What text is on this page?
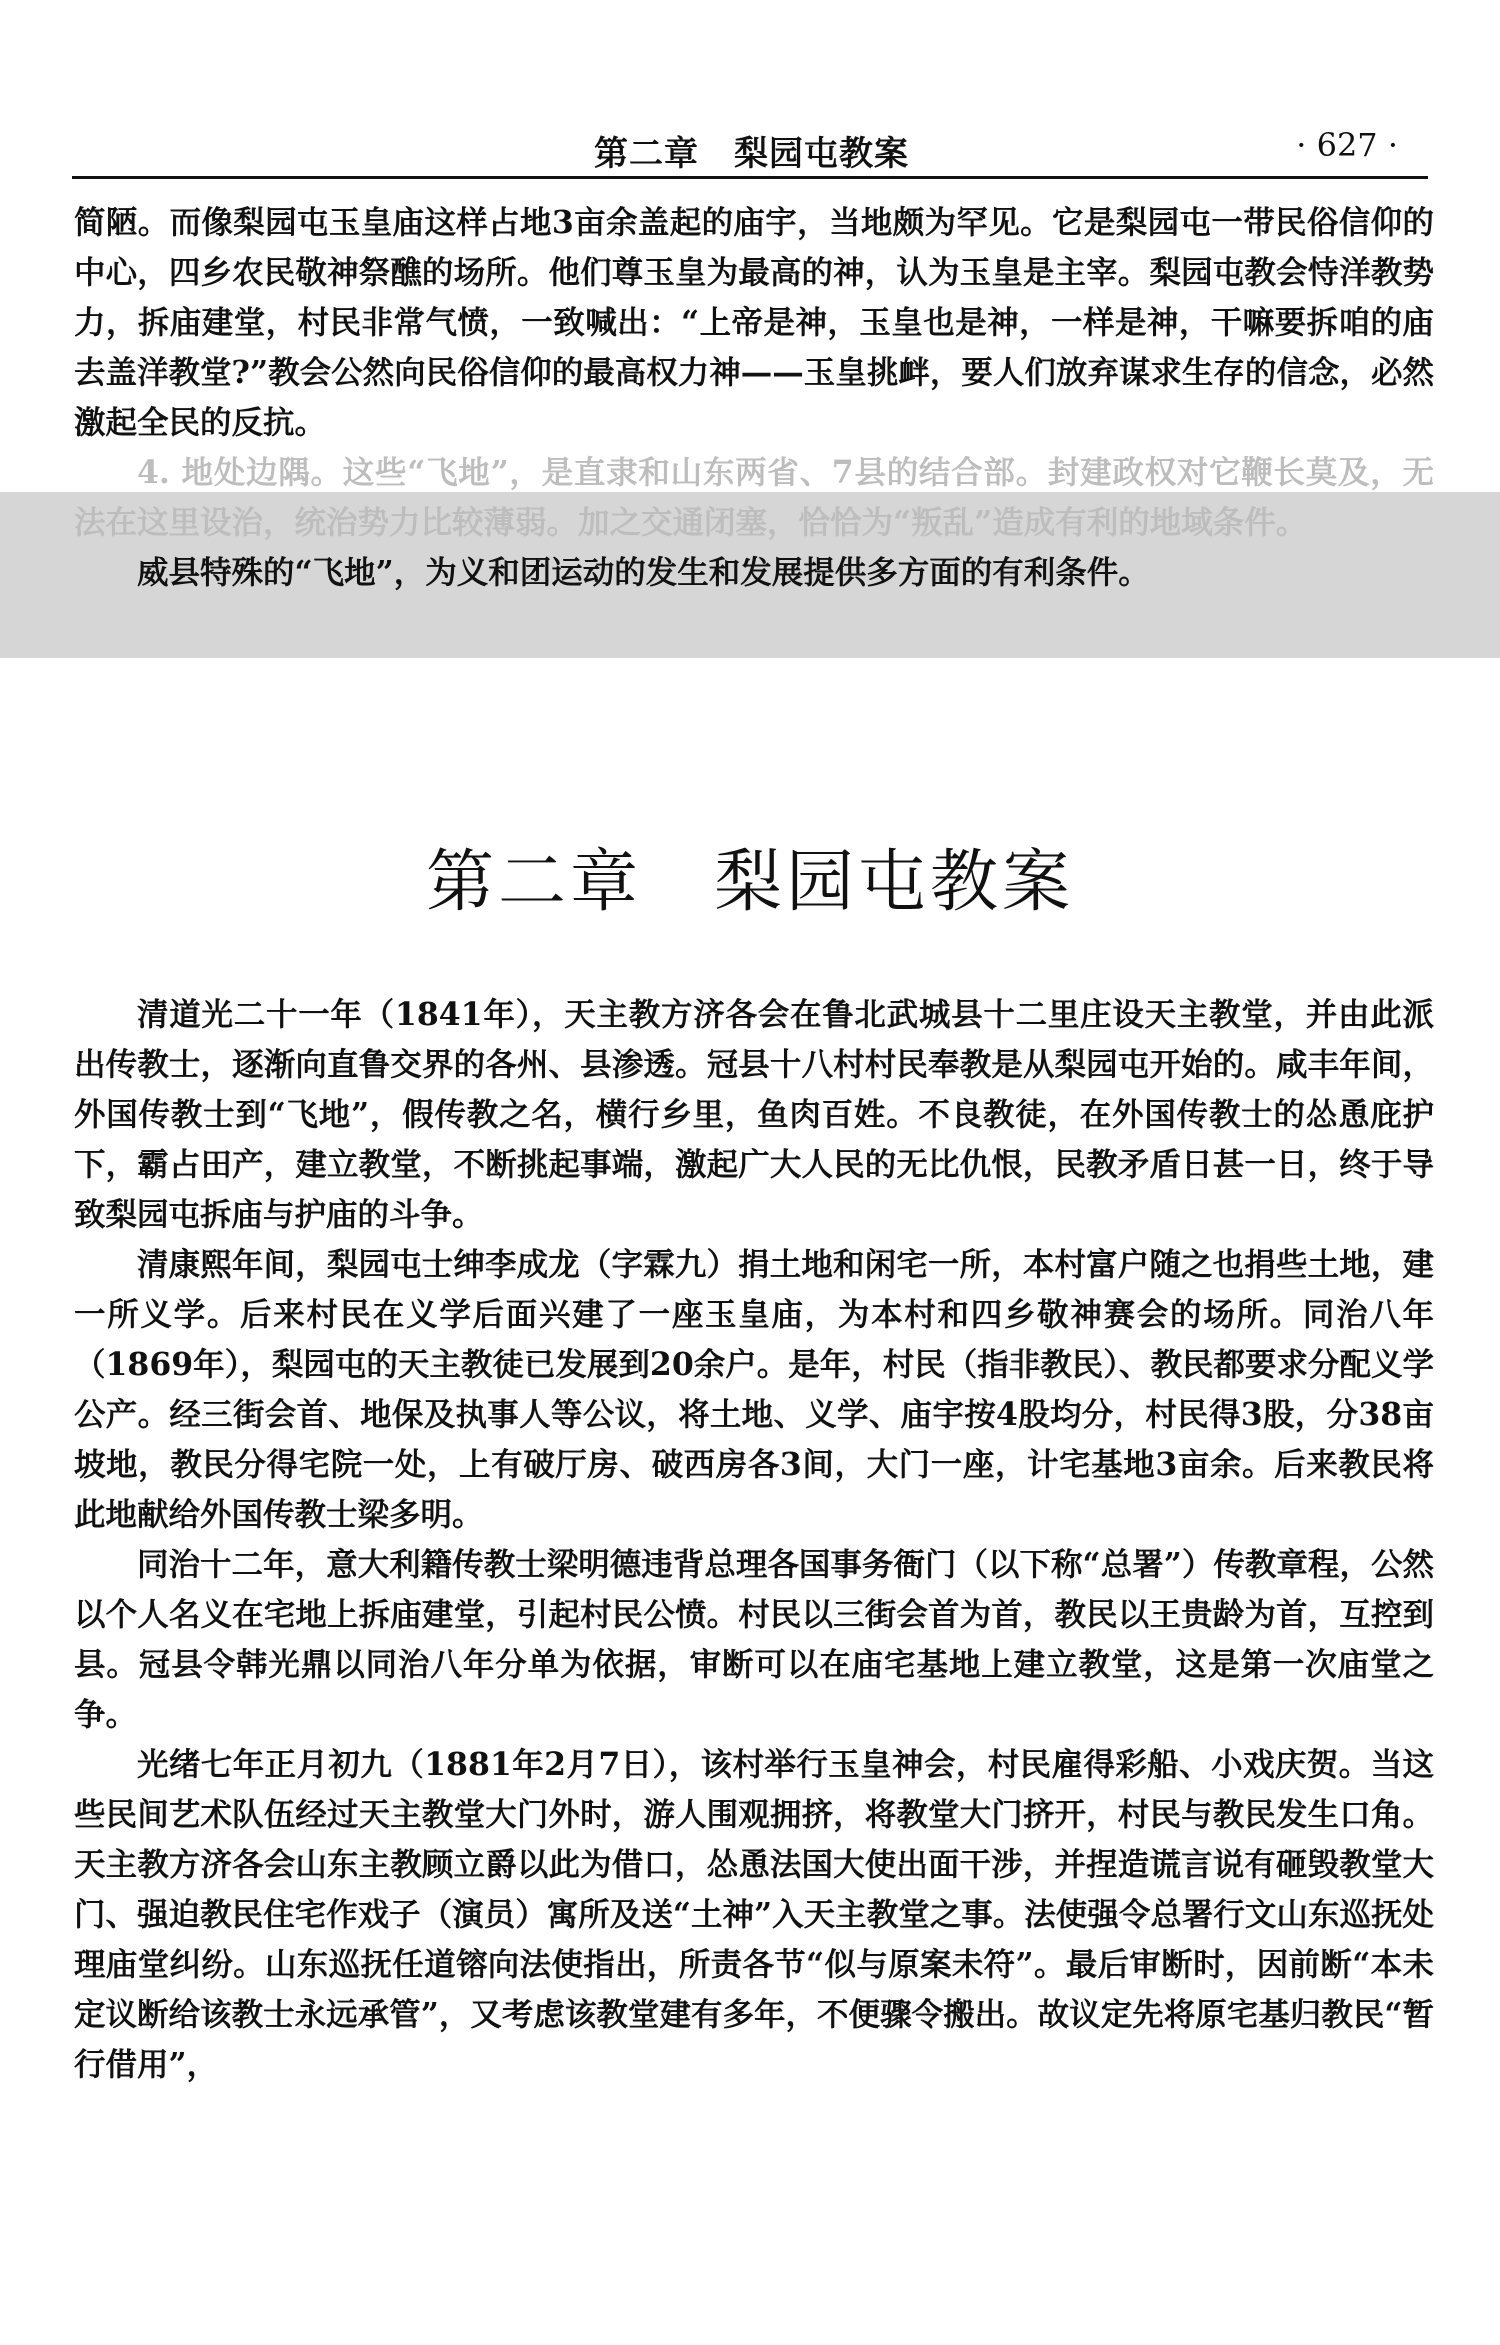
第二章　梨园屯教案	· 627 ·

简陋。而像梨园屯玉皇庙这样占地3亩余盖起的庙宇，当地颇为罕见。它是梨园屯一带民俗信仰的中心，四乡农民敬神祭醮的场所。他们尊玉皇为最高的神，认为玉皇是主宰。梨园屯教会恃洋教势力，拆庙建堂，村民非常气愤，一致喊出：“上帝是神，玉皇也是神，一样是神，干嘛要拆咱的庙去盖洋教堂?”教会公然向民俗信仰的最高权力神——玉皇挑衅，要人们放弃谋求生存的信念，必然激起全民的反抗。

4. 地处边隅。这些“飞地”，是直隶和山东两省、7县的结合部。封建政权对它鞭长莫及，无法在这里设治，统治势力比较薄弱。加之交通闭塞，恰恰为“叛乱”造成有利的地域条件。

威县特殊的“飞地”，为义和团运动的发生和发展提供多方面的有利条件。

第二章　梨园屯教案

清道光二十一年（1841年），天主教方济各会在鲁北武城县十二里庄设天主教堂，并由此派出传教士，逐渐向直鲁交界的各州、县渗透。冠县十八村村民奉教是从梨园屯开始的。咸丰年间，外国传教士到“飞地”，假传教之名，横行乡里，鱼肉百姓。不良教徒，在外国传教士的怂恿庇护下，霸占田产，建立教堂，不断挑起事端，激起广大人民的无比仇恨，民教矛盾日甚一日，终于导致梨园屯拆庙与护庙的斗争。

清康熙年间，梨园屯士绅李成龙（字霖九）捐土地和闲宅一所，本村富户随之也捐些土地，建一所义学。后来村民在义学后面兴建了一座玉皇庙，为本村和四乡敬神赛会的场所。同治八年（1869年），梨园屯的天主教徒已发展到20余户。是年，村民（指非教民）、教民都要求分配义学公产。经三街会首、地保及执事人等公议，将土地、义学、庙宇按4股均分，村民得3股，分38亩坡地，教民分得宅院一处，上有破厅房、破西房各3间，大门一座，计宅基地3亩余。后来教民将此地献给外国传教士梁多明。

同治十二年，意大利籍传教士梁明德违背总理各国事务衙门（以下称“总署”）传教章程，公然以个人名义在宅地上拆庙建堂，引起村民公愤。村民以三街会首为首，教民以王贵龄为首，互控到县。冠县令韩光鼎以同治八年分单为依据，审断可以在庙宅基地上建立教堂，这是第一次庙堂之争。

光绪七年正月初九（1881年2月7日），该村举行玉皇神会，村民雇得彩船、小戏庆贺。当这些民间艺术队伍经过天主教堂大门外时，游人围观拥挤，将教堂大门挤开，村民与教民发生口角。天主教方济各会山东主教顾立爵以此为借口，怂恿法国大使出面干涉，并捏造谎言说有砸毁教堂大门、强迫教民住宅作戏子（演员）寓所及送“土神”入天主教堂之事。法使强令总署行文山东巡抚处理庙堂纠纷。山东巡抚任道镕向法使指出，所责各节“似与原案未符”。最后审断时，因前断“本未定议断给该教士永远承管”，又考虑该教堂建有多年，不便骤令搬出。故议定先将原宅基归教民“暂行借用”，
